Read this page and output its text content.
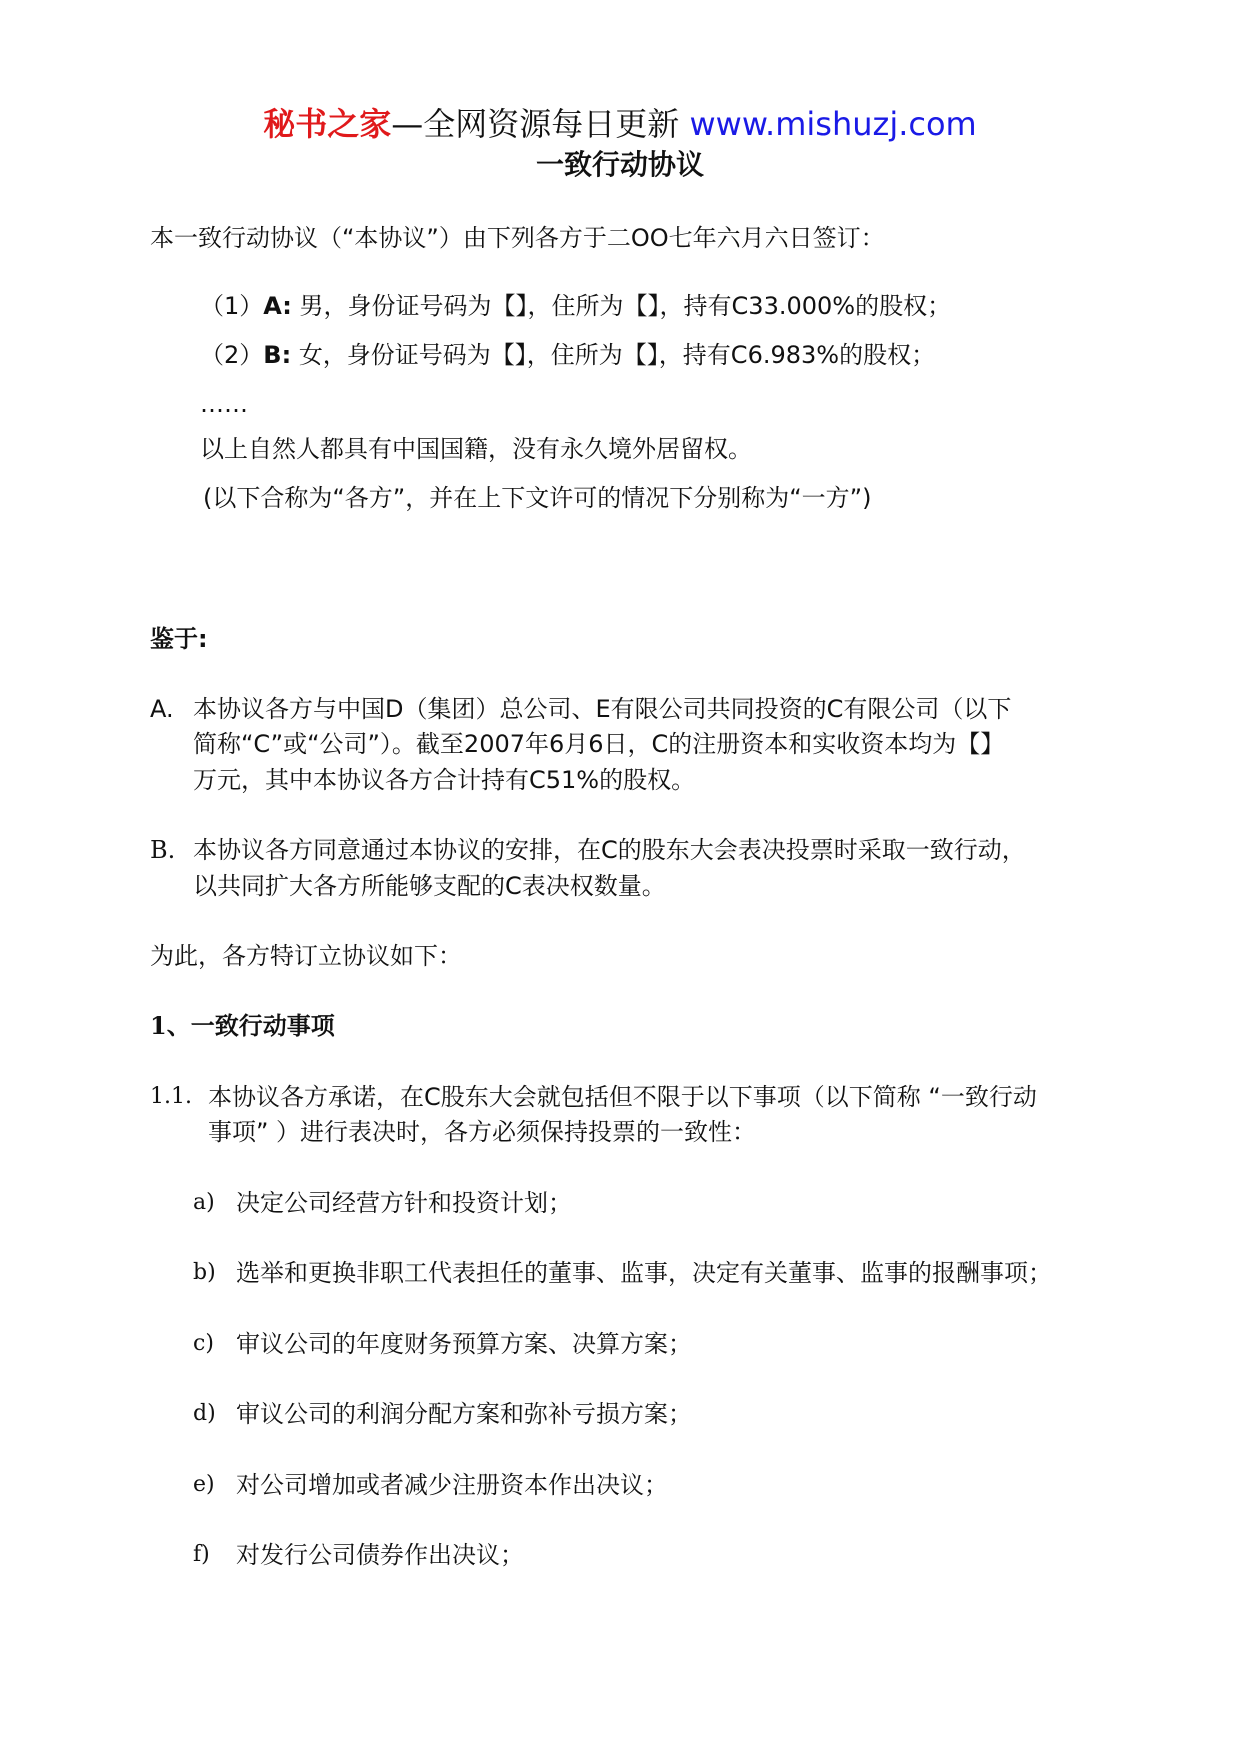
秘书之家—全网资源每日更新 www.mishuzj.com
一致行动协议
本一致行动协议（“本协议”）由下列各方于二OO七年六月六日签订：
（1）A: 男，身份证号码为【】，住所为【】，持有C33.000%的股权；
（2）B: 女，身份证号码为【】，住所为【】，持有C6.983%的股权；
……
以上自然人都具有中国国籍，没有永久境外居留权。
(以下合称为“各方”，并在上下文许可的情况下分别称为“一方”)
鉴于:
A. 本协议各方与中国D（集团）总公司、E有限公司共同投资的C有限公司（以下
简称“C”或“公司”）。截至2007年6月6日，C的注册资本和实收资本均为【】
万元，其中本协议各方合计持有C51%的股权。
B. 本协议各方同意通过本协议的安排，在C的股东大会表决投票时采取一致行动，
以共同扩大各方所能够支配的C表决权数量。
为此，各方特订立协议如下：
1、一致行动事项
1.1. 本协议各方承诺，在C股东大会就包括但不限于以下事项（以下简称 “一致行动
事项” ）进行表决时，各方必须保持投票的一致性：
a) 决定公司经营方针和投资计划；
b) 选举和更换非职工代表担任的董事、监事，决定有关董事、监事的报酬事项；
c) 审议公司的年度财务预算方案、决算方案；
d) 审议公司的利润分配方案和弥补亏损方案；
e) 对公司增加或者减少注册资本作出决议；
f) 对发行公司债券作出决议；
